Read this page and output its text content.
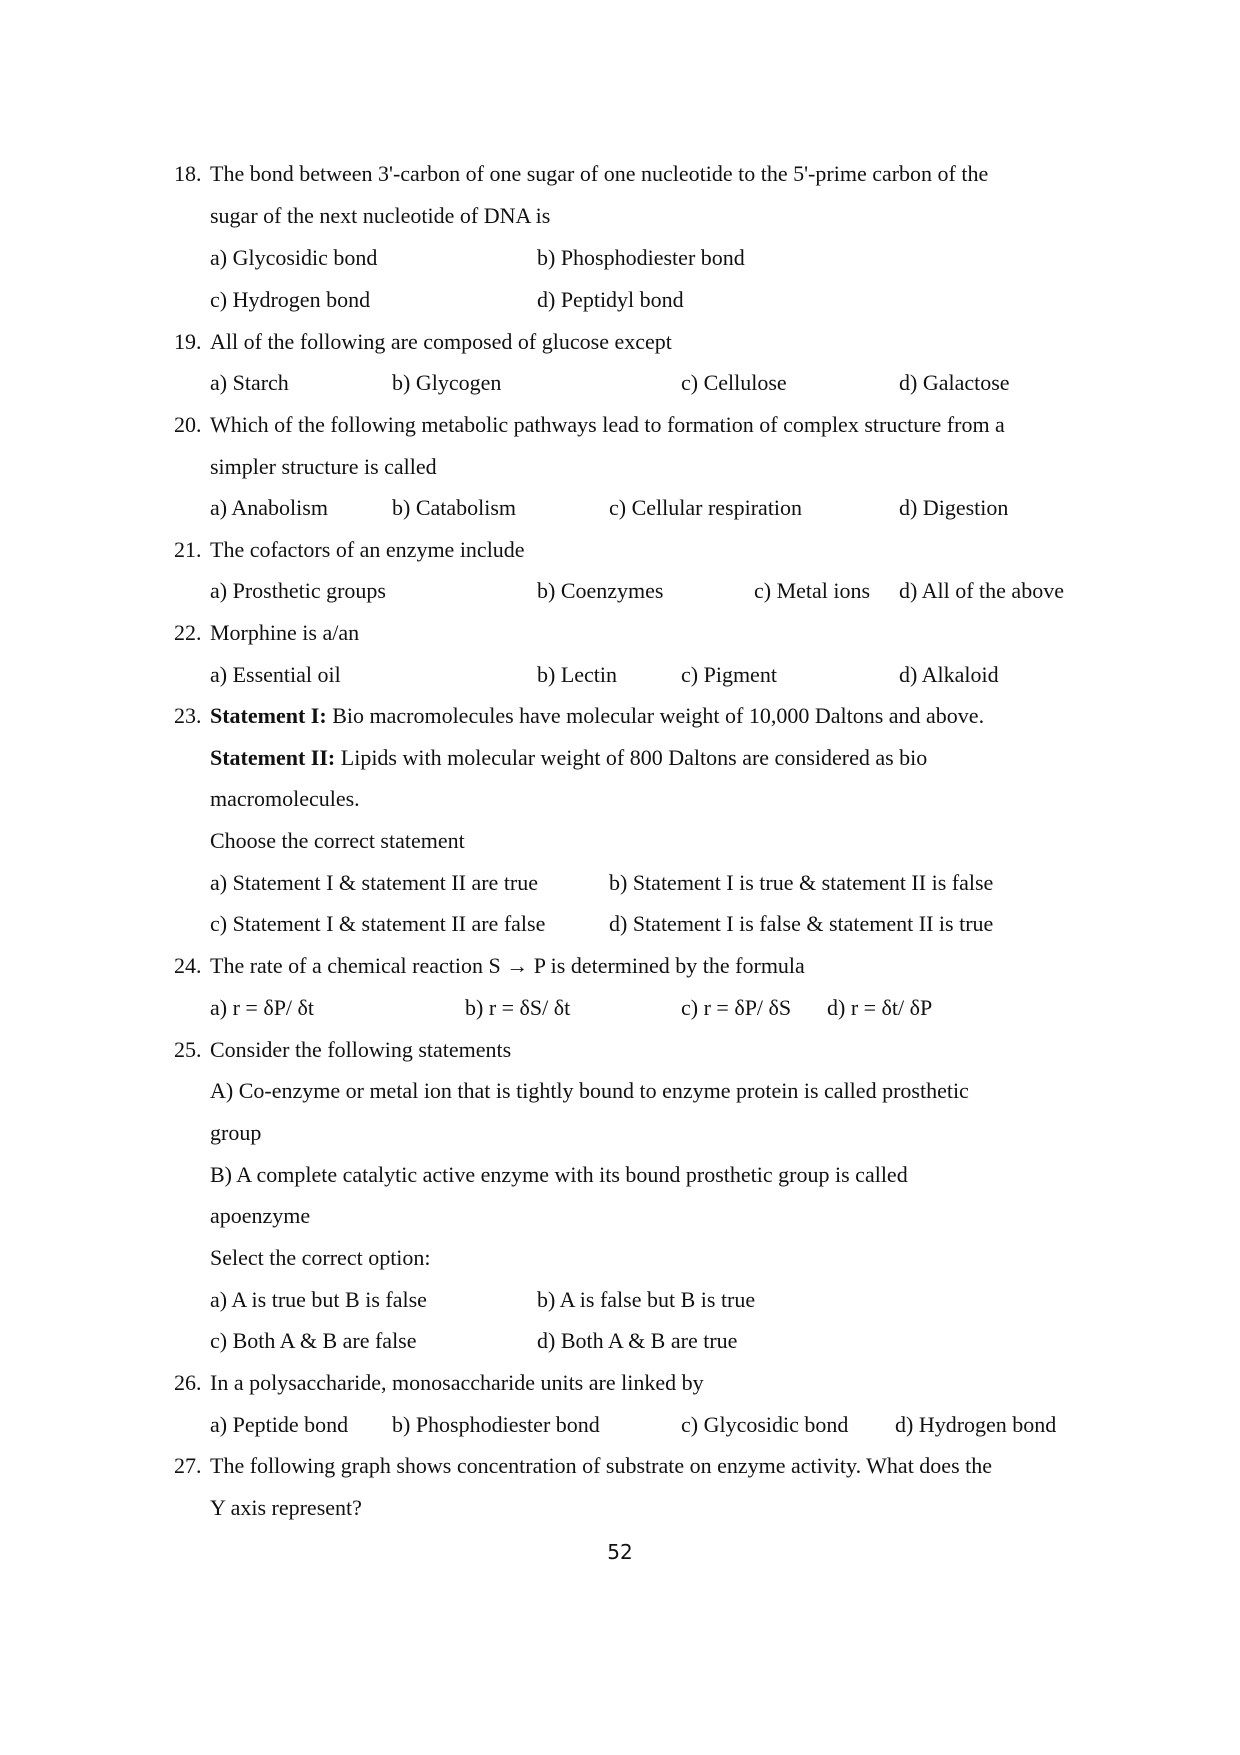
18. The bond between 3'-carbon of one sugar of one nucleotide to the 5'-prime carbon of the
sugar of the next nucleotide of DNA is
a) Glycosidic bond	b) Phosphodiester bond
c) Hydrogen bond	d) Peptidyl bond
19. All of the following are composed of glucose except
a) Starch	b) Glycogen	c) Cellulose	d) Galactose
20. Which of the following metabolic pathways lead to formation of complex structure from a
simpler structure is called
a) Anabolism	b) Catabolism	c) Cellular respiration	d) Digestion
21. The cofactors of an enzyme include
a) Prosthetic groups	b) Coenzymes	c) Metal ions d) All of the above
22. Morphine is a/an
a) Essential oil	b) Lectin	c) Pigment	d) Alkaloid
23. Statement I: Bio macromolecules have molecular weight of 10,000 Daltons and above.
Statement II: Lipids with molecular weight of 800 Daltons are considered as bio
macromolecules.
Choose the correct statement
a) Statement I & statement II are true	b) Statement I is true & statement II is false
c) Statement I & statement II are false	d) Statement I is false & statement II is true
24. The rate of a chemical reaction S → P is determined by the formula
a) r = δP/ δt	b) r = δS/ δt	c) r = δP/ δS d) r = δt/ δP
25. Consider the following statements
A) Co-enzyme or metal ion that is tightly bound to enzyme protein is called prosthetic
group
B) A complete catalytic active enzyme with its bound prosthetic group is called
apoenzyme
Select the correct option:
a) A is true but B is false	b) A is false but B is true
c) Both A & B are false	d) Both A & B are true
26. In a polysaccharide, monosaccharide units are linked by
a) Peptide bond b) Phosphodiester bond	c) Glycosidic bond d) Hydrogen bond
27. The following graph shows concentration of substrate on enzyme activity. What does the
Y axis represent?
52
